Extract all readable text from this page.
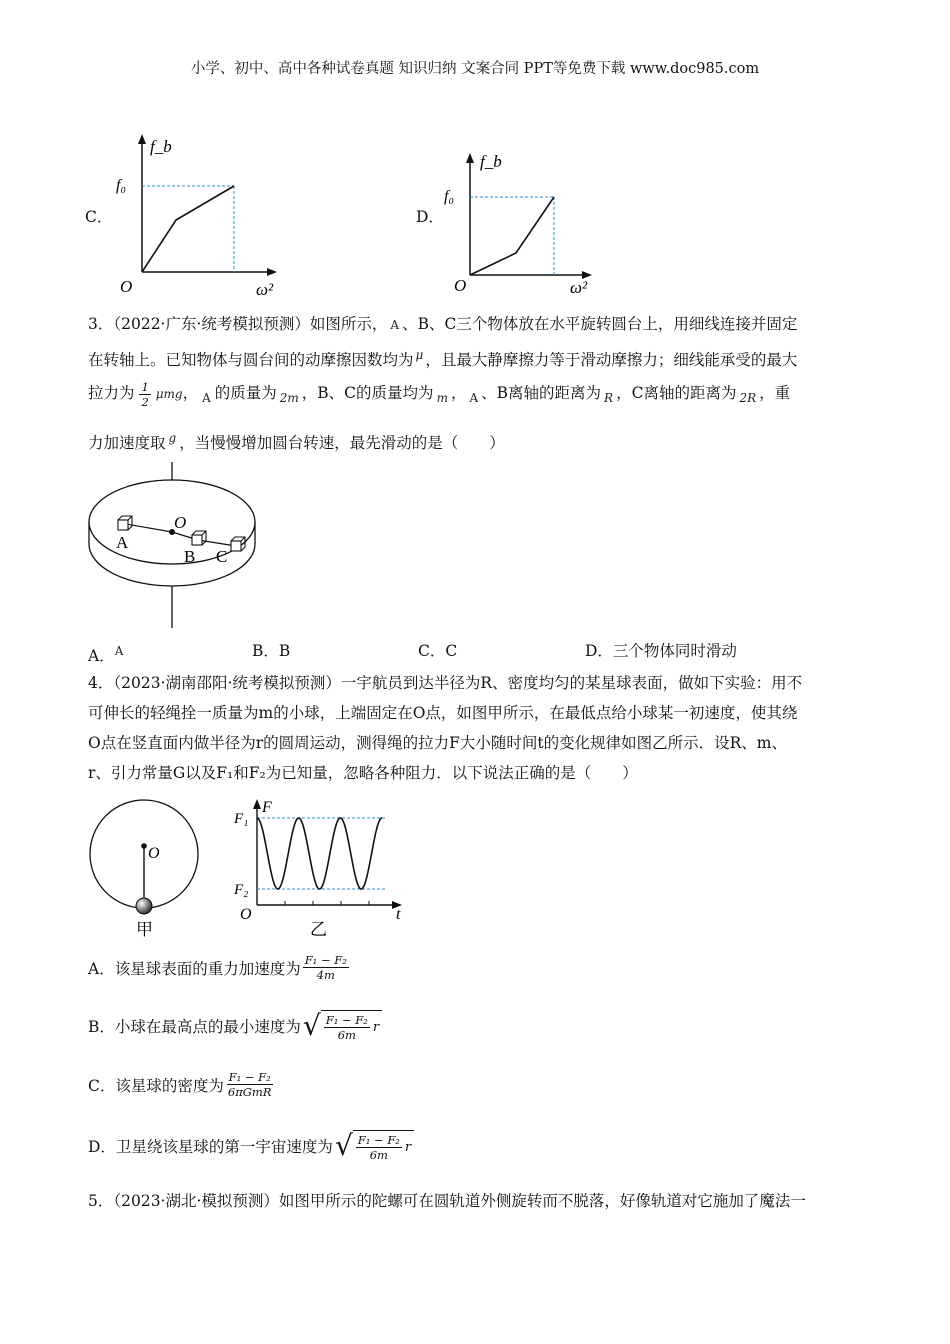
小学、初中、高中各种试卷真题 知识归纳 文案合同 PPT等免费下载 www.doc985.com
C．
f_b
f₀
O	ω²
D．
f_b
f₀
O	ω²
3．（2022·广东·统考模拟预测）如图所示， A 、B、C三个物体放在水平旋转圆台上，用细线连接并固定
在转轴上。已知物体与圆台间的动摩擦因数均为 $^\mu$ ，且最大静摩擦力等于滑动摩擦力；细线能承受的最大
拉力为 $\frac{1}{2}$ μmg， $_A$ 的质量为 $_{2m}$ ，B、C的质量均为 $_m$ ， $_A$ 、B离轴的距离为 $_R$ ，C离轴的距离为 $_{2R}$ ，重
力加速度取 $^g$ ，当慢慢增加圆台转速，最先滑动的是（　　）
O
A
B C
A．$^A$	B．B	C．C	D．三个物体同时滑动
4．（2023·湖南邵阳·统考模拟预测）一宇航员到达半径为R、密度均匀的某星球表面，做如下实验：用不
可伸长的轻绳拴一质量为m的小球，上端固定在O点，如图甲所示，在最低点给小球某一初速度，使其绕
O点在竖直面内做半径为r的圆周运动，测得绳的拉力F大小随时间t的变化规律如图乙所示．设R、m、
r、引力常量G以及F₁和F₂为已知量，忽略各种阻力．以下说法正确的是（　　）
O
甲
F
F₁
F₂
O	t
乙
A．该星球表面的重力加速度为 $\frac{\text{F₁ − F₂}}{4m}$
B．小球在最高点的最小速度为 √ $\frac{\text{F₁ − F₂}}{6m}$ r
C．该星球的密度为 $\frac{\text{F₁ − F₂}}{\text{6πGmR}}$
D．卫星绕该星球的第一宇宙速度为 √ $\frac{\text{F₁ − F₂}}{6m}$ r
5．（2023·湖北·模拟预测）如图甲所示的陀螺可在圆轨道外侧旋转而不脱落，好像轨道对它施加了魔法一
